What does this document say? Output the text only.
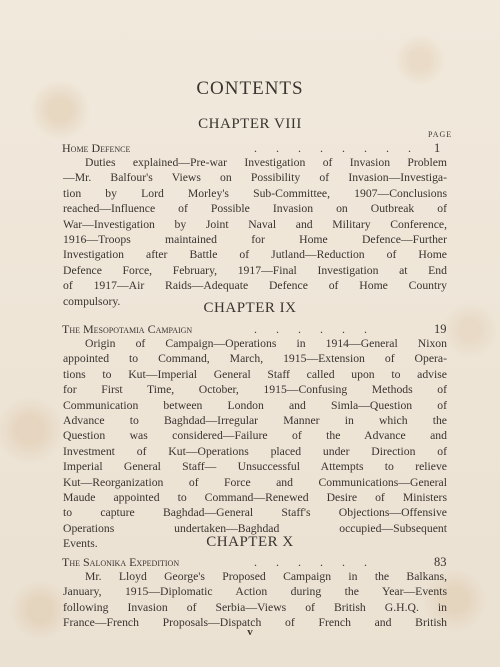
CONTENTS
CHAPTER VIII
PAGE
Home Defence	. . . . . . . . 1
Duties explained—Pre-war Investigation of Invasion Problem
—Mr. Balfour's Views on Possibility of Invasion—Investiga-
tion by Lord Morley's Sub-Committee, 1907—Conclusions
reached—Influence of Possible Invasion on Outbreak of
War—Investigation by Joint Naval and Military Conference,
1916—Troops maintained for Home Defence—Further
Investigation after Battle of Jutland—Reduction of Home
Defence Force, February, 1917—Final Investigation at End
of 1917—Air Raids—Adequate Defence of Home Country
compulsory.	CHAPTER IX
The Mesopotamia Campaign	. . . . . .	19
Origin of Campaign—Operations in 1914—General Nixon
appointed to Command, March, 1915—Extension of Opera-
tions to Kut—Imperial General Staff called upon to advise
for First Time, October, 1915—Confusing Methods of
Communication between London and Simla—Question of
Advance to Baghdad—Irregular Manner in which the
Question was considered—Failure of the Advance and
Investment of Kut—Operations placed under Direction of
Imperial General Staff— Unsuccessful Attempts to relieve
Kut—Reorganization of Force and Communications—General
Maude appointed to Command—Renewed Desire of Ministers
to capture Baghdad—General Staff's Objections—Offensive
Operations undertaken—Baghdad occupied—Subsequent
Events.	CHAPTER X
The Salonika Expedition	. . . . . .	83
Mr. Lloyd George's Proposed Campaign in the Balkans,
January, 1915—Diplomatic Action during the Year—Events
following Invasion of Serbia—Views of British G.H.Q. in
France—French Proposals—Dispatch of French and British
v
